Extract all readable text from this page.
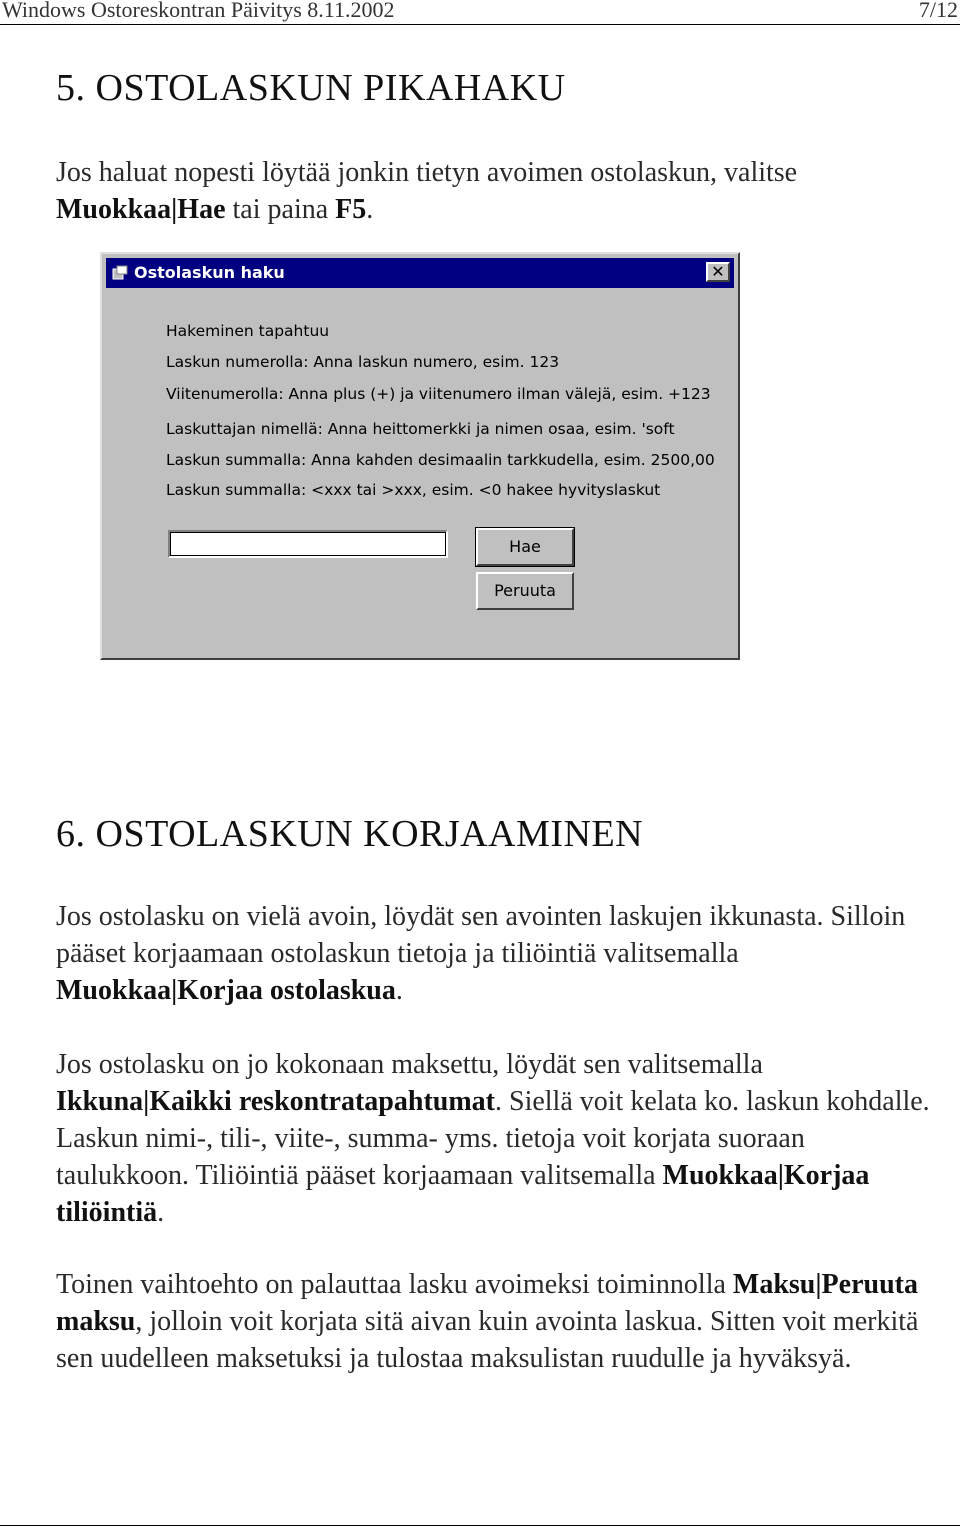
Windows Ostoreskontran Päivitys 8.11.2002	7/12
5. OSTOLASKUN PIKAHAKU

Jos haluat nopesti löytää jonkin tietyn avoimen ostolaskun, valitse
Muokkaa|Hae tai paina F5.

Ostolaskun haku	✕
Hakeminen tapahtuu
Laskun numerolla: Anna laskun numero, esim. 123
Viitenumerolla: Anna plus (+) ja viitenumero ilman välejä, esim. +123
Laskuttajan nimellä: Anna heittomerkki ja nimen osaa, esim. 'soft
Laskun summalla: Anna kahden desimaalin tarkkudella, esim. 2500,00
Laskun summalla: <xxx tai >xxx, esim. <0 hakee hyvityslaskut
Hae
Peruuta
6. OSTOLASKUN KORJAAMINEN

Jos ostolasku on vielä avoin, löydät sen avointen laskujen ikkunasta. Silloin pääset korjaamaan ostolaskun tietoja ja tiliöintiä valitsemalla Muokkaa|Korjaa ostolaskua.

Jos ostolasku on jo kokonaan maksettu, löydät sen valitsemalla Ikkuna|Kaikki reskontratapahtumat. Siellä voit kelata ko. laskun kohdalle. Laskun nimi-, tili-, viite-, summa- yms. tietoja voit korjata suoraan taulukkoon. Tiliöintiä pääset korjaamaan valitsemalla Muokkaa|Korjaa tiliöintiä.

Toinen vaihtoehto on palauttaa lasku avoimeksi toiminnolla Maksu|Peruuta maksu, jolloin voit korjata sitä aivan kuin avointa laskua. Sitten voit merkitä sen uudelleen maksetuksi ja tulostaa maksulistan ruudulle ja hyväksyä.
